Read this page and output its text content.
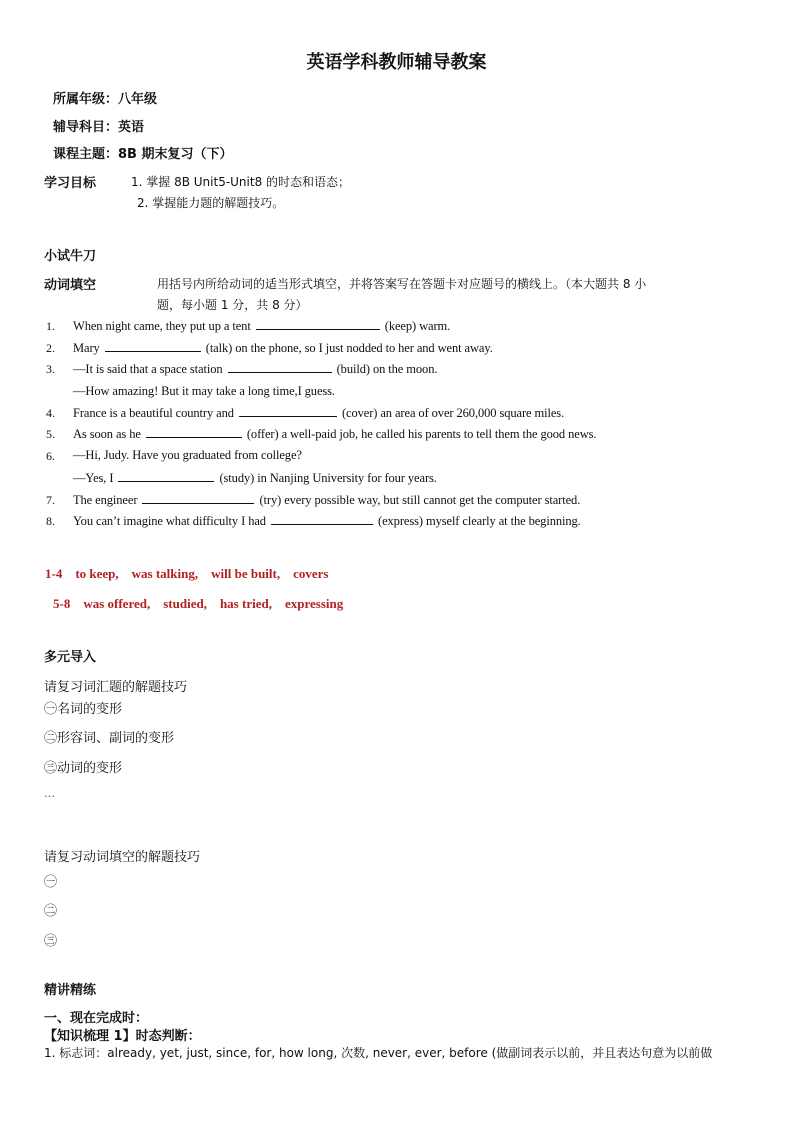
英语学科教师辅导教案
所属年级：八年级
辅导科目：英语
课程主题：8B 期末复习（下）
学习目标	1. 掌握 8B Unit5-Unit8 的时态和语态；
2. 掌握能力题的解题技巧。
小试牛刀
动词填空	用括号内所给动词的适当形式填空，并将答案写在答题卡对应题号的横线上。（本大题共 8 小
题，每小题 1 分，共 8 分）
1. When night came, they put up a tent	(keep) warm.
2. Mary	(talk) on the phone, so I just nodded to her and went away.
3. —It is said that a space station	(build) on the moon.
—How amazing! But it may take a long time,I guess.
4. France is a beautiful country and	(cover) an area of over 260,000 square miles.
5. As soon as he	(offer) a well-paid job, he called his parents to tell them the good news.
6. —Hi, Judy. Have you graduated from college?
—Yes, I	(study) in Nanjing University for four years.
7. The engineer	(try) every possible way, but still cannot get the computer started.
8. You can’t imagine what difficulty I had	(express) myself clearly at the beginning.
1-4    to keep,    was talking,    will be built,    covers
5-8    was offered,    studied,    has tried,    expressing
多元导入
请复习词汇题的解题技巧
㊀名词的变形
㊁形容词、副词的变形
㊂动词的变形
…
请复习动词填空的解题技巧
㊀
㊁
㊂
精讲精练
一、现在完成时：
【知识梳理 1】时态判断：
1. 标志词：already, yet, just, since, for, how long, 次数, never, ever, before (做副词表示以前，并且表达句意为以前做
